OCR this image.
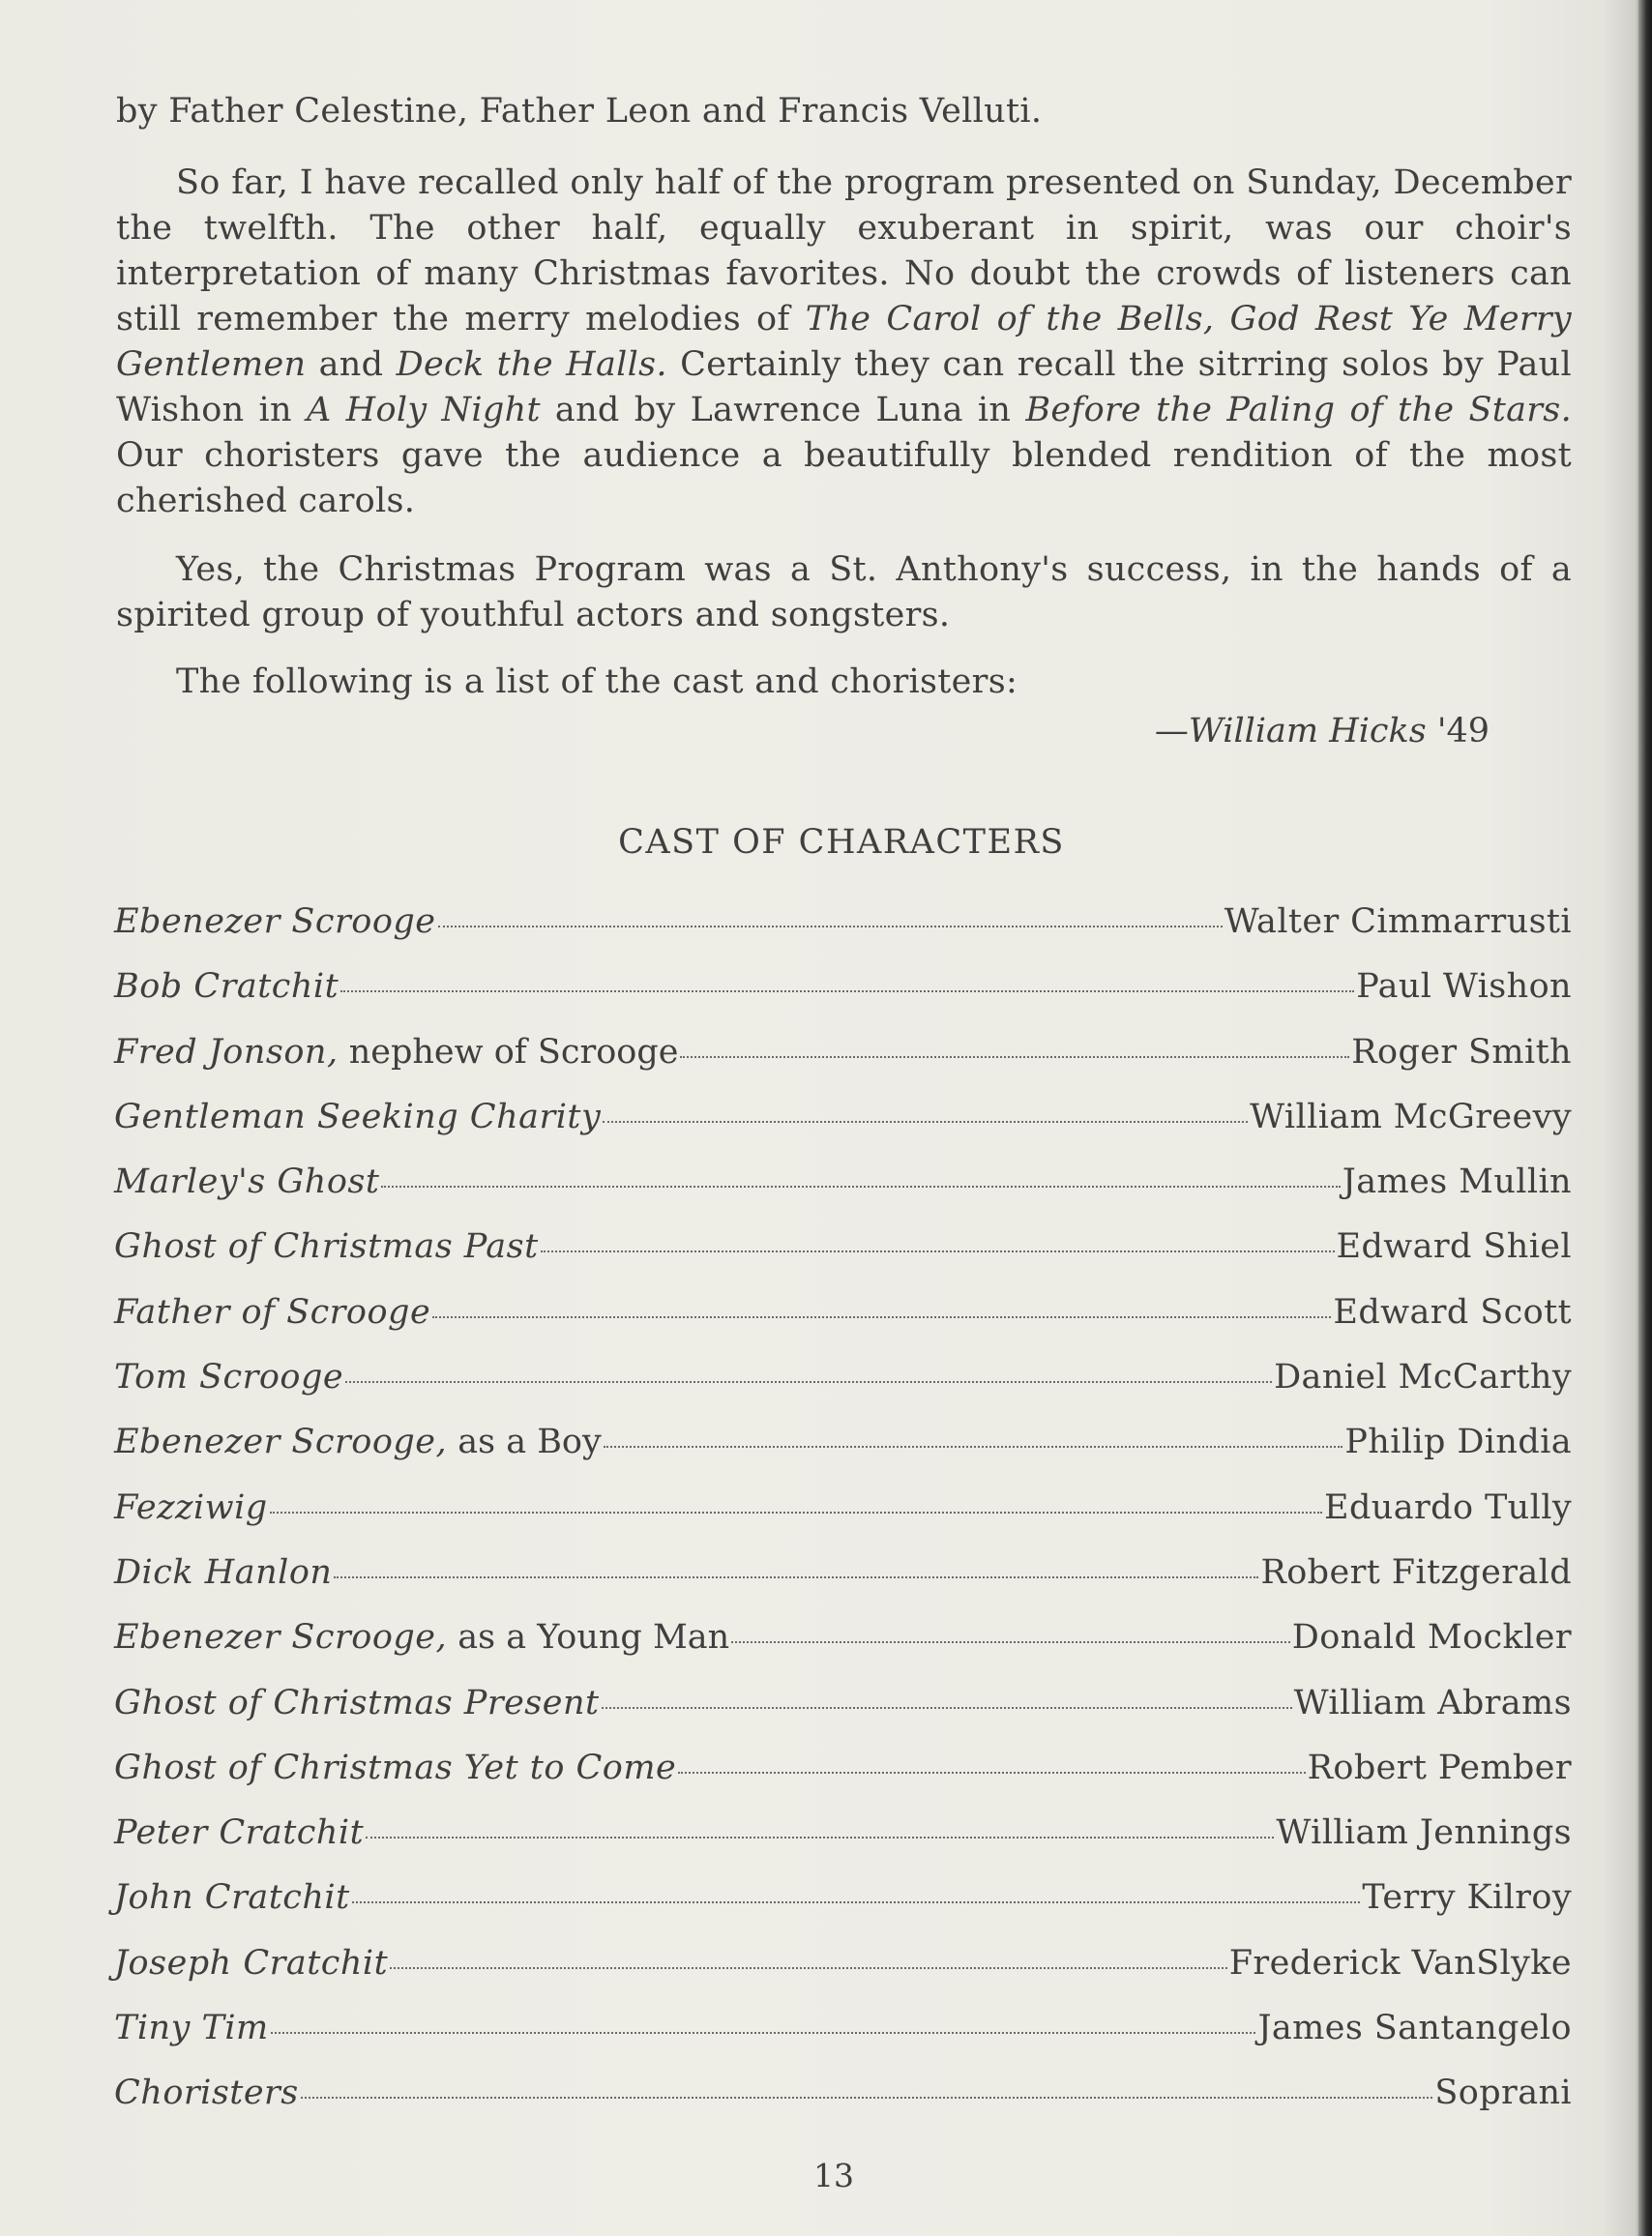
by Father Celestine, Father Leon and Francis Velluti.
So far, I have recalled only half of the program presented on Sunday, December the twelfth. The other half, equally exuberant in spirit, was our choir's interpretation of many Christmas favorites. No doubt the crowds of listeners can still remember the merry melodies of The Carol of the Bells, God Rest Ye Merry Gentlemen and Deck the Halls. Certainly they can recall the sitrring solos by Paul Wishon in A Holy Night and by Lawrence Luna in Before the Paling of the Stars. Our choristers gave the audience a beautifully blended rendition of the most cherished carols.
Yes, the Christmas Program was a St. Anthony's success, in the hands of a spirited group of youthful actors and songsters.
The following is a list of the cast and choristers:
—William Hicks '49
CAST OF CHARACTERS
Ebenezer Scrooge	Walter Cimmarrusti
Bob Cratchit	Paul Wishon
Fred Jonson, nephew of Scrooge	Roger Smith
Gentleman Seeking Charity	William McGreevy
Marley's Ghost	James Mullin
Ghost of Christmas Past	Edward Shiel
Father of Scrooge	Edward Scott
Tom Scrooge	Daniel McCarthy
Ebenezer Scrooge, as a Boy	Philip Dindia
Fezziwig	Eduardo Tully
Dick Hanlon	Robert Fitzgerald
Ebenezer Scrooge, as a Young Man	Donald Mockler
Ghost of Christmas Present	William Abrams
Ghost of Christmas Yet to Come	Robert Pember
Peter Cratchit	William Jennings
John Cratchit	Terry Kilroy
Joseph Cratchit	Frederick VanSlyke
Tiny Tim	James Santangelo
Choristers	Soprani
13
